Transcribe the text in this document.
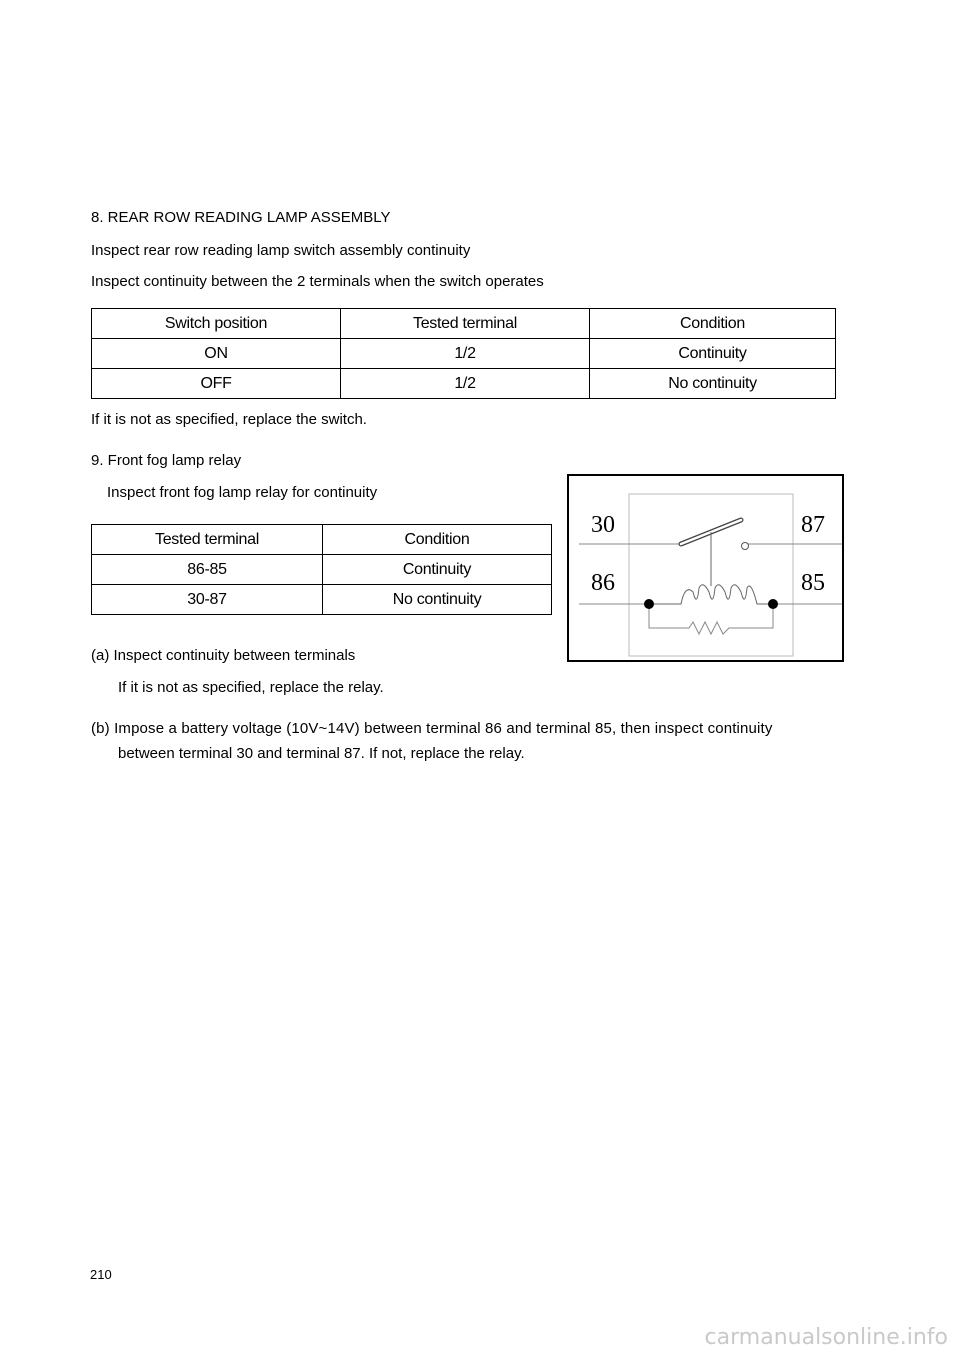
8. REAR ROW READING LAMP ASSEMBLY
Inspect rear row reading lamp switch assembly continuity
Inspect continuity between the 2 terminals when the switch operates
Switch position	Tested terminal	Condition
ON	1/2	Continuity
OFF	1/2	No continuity
If it is not as specified, replace the switch.
9. Front fog lamp relay
Inspect front fog lamp relay for continuity
Tested terminal	Condition
86-85	Continuity
30-87	No continuity
30	87
86	85
(a) Inspect continuity between terminals
If it is not as specified, replace the relay.
(b) Impose a battery voltage (10V~14V) between terminal 86 and terminal 85, then inspect continuity
between terminal 30 and terminal 87. If not, replace the relay.
210
carmanualsonline.info
